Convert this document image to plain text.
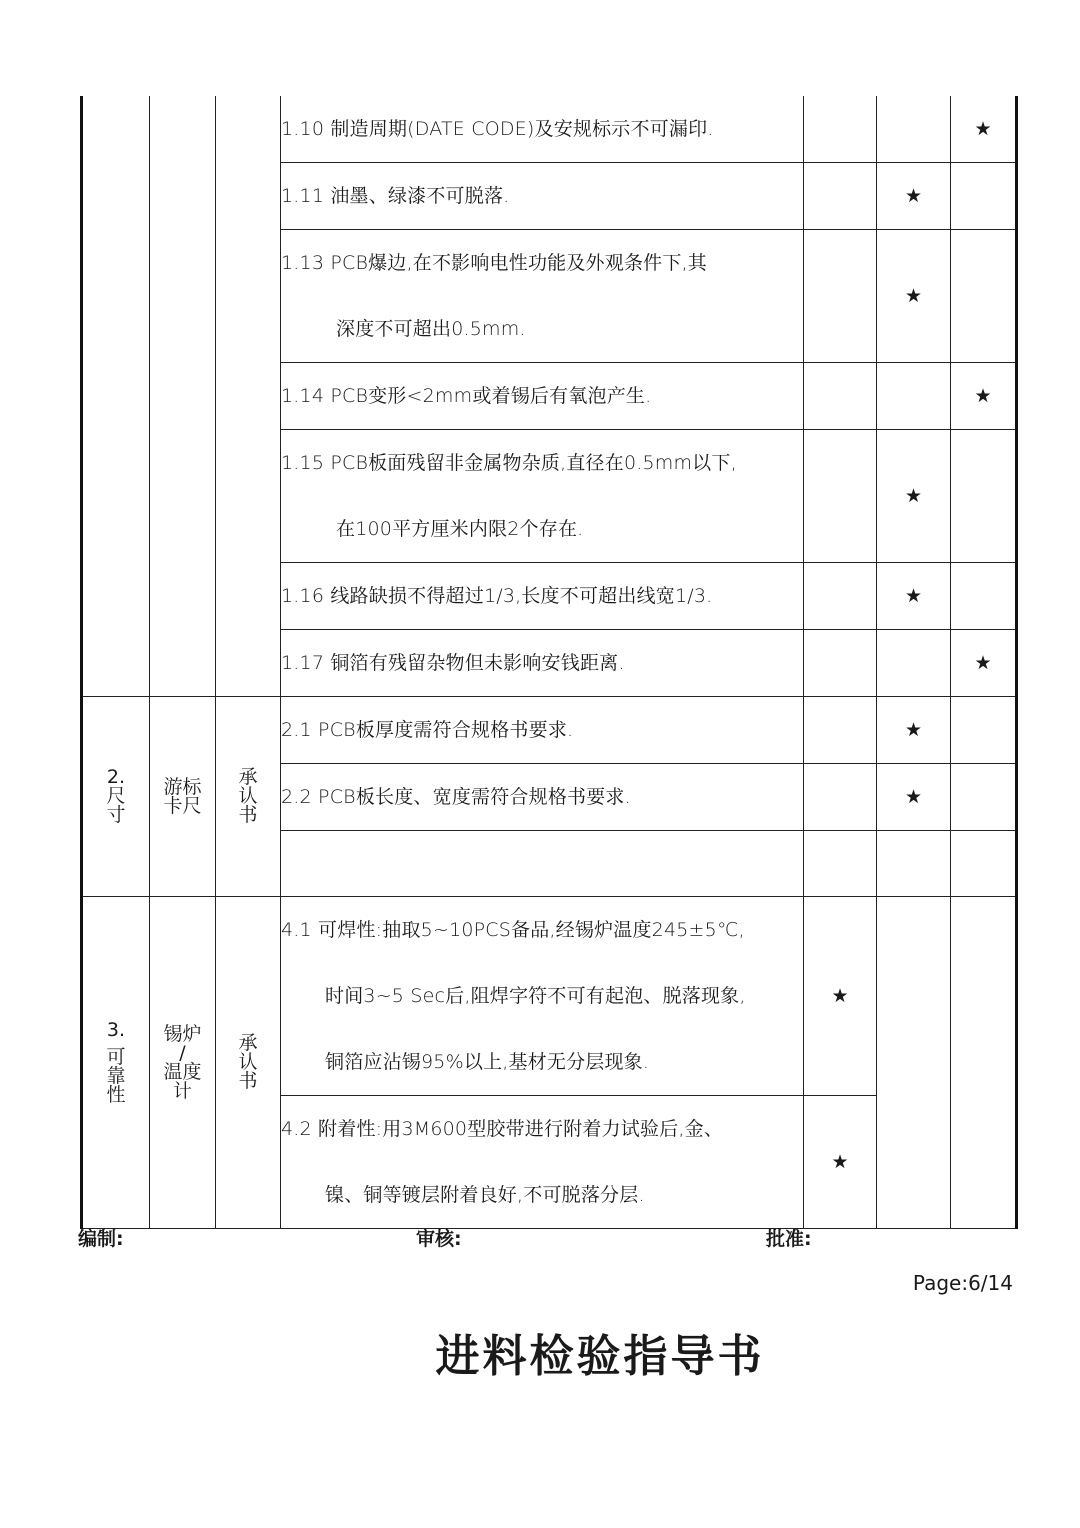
			1.10 制造周期(DATE CODE)及安规标示不可漏印.			★

			1.11 油墨、绿漆不可脱落.		★	

			1.13 PCB爆边,在不影响电性功能及外观条件下,其
深度不可超出0.5mm.		★	

			1.14 PCB变形<2mm或着锡后有氧泡产生.			★

			1.15 PCB板面残留非金属物杂质,直径在0.5mm以下,
在100平方厘米内限2个存在.		★	

			1.16 线路缺损不得超过1/3,长度不可超出线宽1/3.		★	

			1.17 铜箔有残留杂物但未影响安钱距离.			★

2.
尺
寸	游标
卡尺	承
认
书	2.1 PCB板厚度需符合规格书要求.		★	

			2.2 PCB板长度、宽度需符合规格书要求.		★	

3.
可
靠
性	锡炉
/
温度
计	承
认
书	4.1 可焊性:抽取5~10PCS备品,经锡炉温度245±5℃,
时间3~5 Sec后,阻焊字符不可有起泡、脱落现象,
铜箔应沾锡95%以上,基材无分层现象.	★		

			4.2 附着性:用3M600型胶带进行附着力试验后,金、
镍、铜等镀层附着良好,不可脱落分层.	★		
编制:	审核:	批准:
Page:6/14
进料检验指导书
